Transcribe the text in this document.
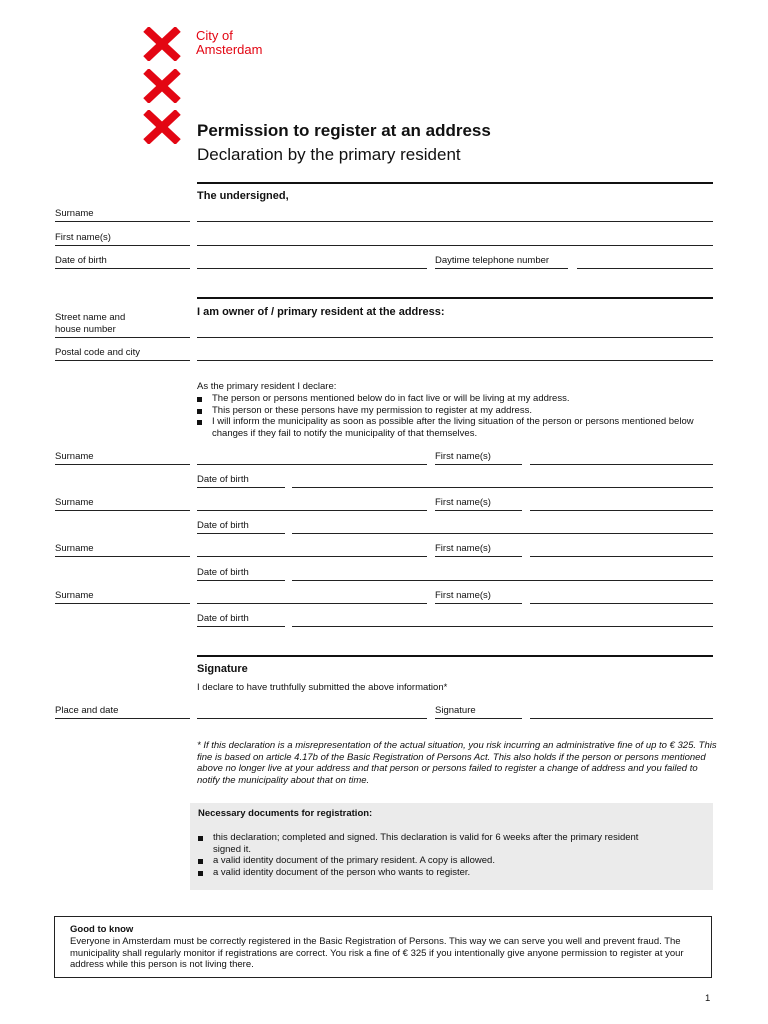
City of
Amsterdam
Permission to register at an address
Declaration by the primary resident
The undersigned,
Surname
First name(s)
Date of birth	Daytime telephone number
I am owner of / primary resident at the address:
Street name and
house number
Postal code and city
As the primary resident I declare:
The person or persons mentioned below do in fact live or will be living at my address.
This person or these persons have my permission to register at my address.
I will inform the municipality as soon as possible after the living situation of the person or persons mentioned below changes if they fail to notify the municipality of that themselves.
Surname	First name(s)
Date of birth
Surname	First name(s)
Date of birth
Surname	First name(s)
Date of birth
Surname	First name(s)
Date of birth
Signature
I declare to have truthfully submitted the above information*
Place and date	Signature
* If this declaration is a misrepresentation of the actual situation, you risk incurring an administrative fine of up to € 325. This fine is based on article 4.17b of the Basic Registration of Persons Act. This also holds if the person or persons mentioned above no longer live at your address and that person or persons failed to register a change of address and you failed to notify the municipality about that on time.
Necessary documents for registration:
this declaration; completed and signed. This declaration is valid for 6 weeks after the primary resident signed it.
a valid identity document of the primary resident. A copy is allowed.
a valid identity document of the person who wants to register.
Good to know
Everyone in Amsterdam must be correctly registered in the Basic Registration of Persons. This way we can serve you well and prevent fraud. The municipality shall regularly monitor if registrations are correct. You risk a fine of € 325 if you intentionally give anyone permission to register at your address while this person is not living there.
1
